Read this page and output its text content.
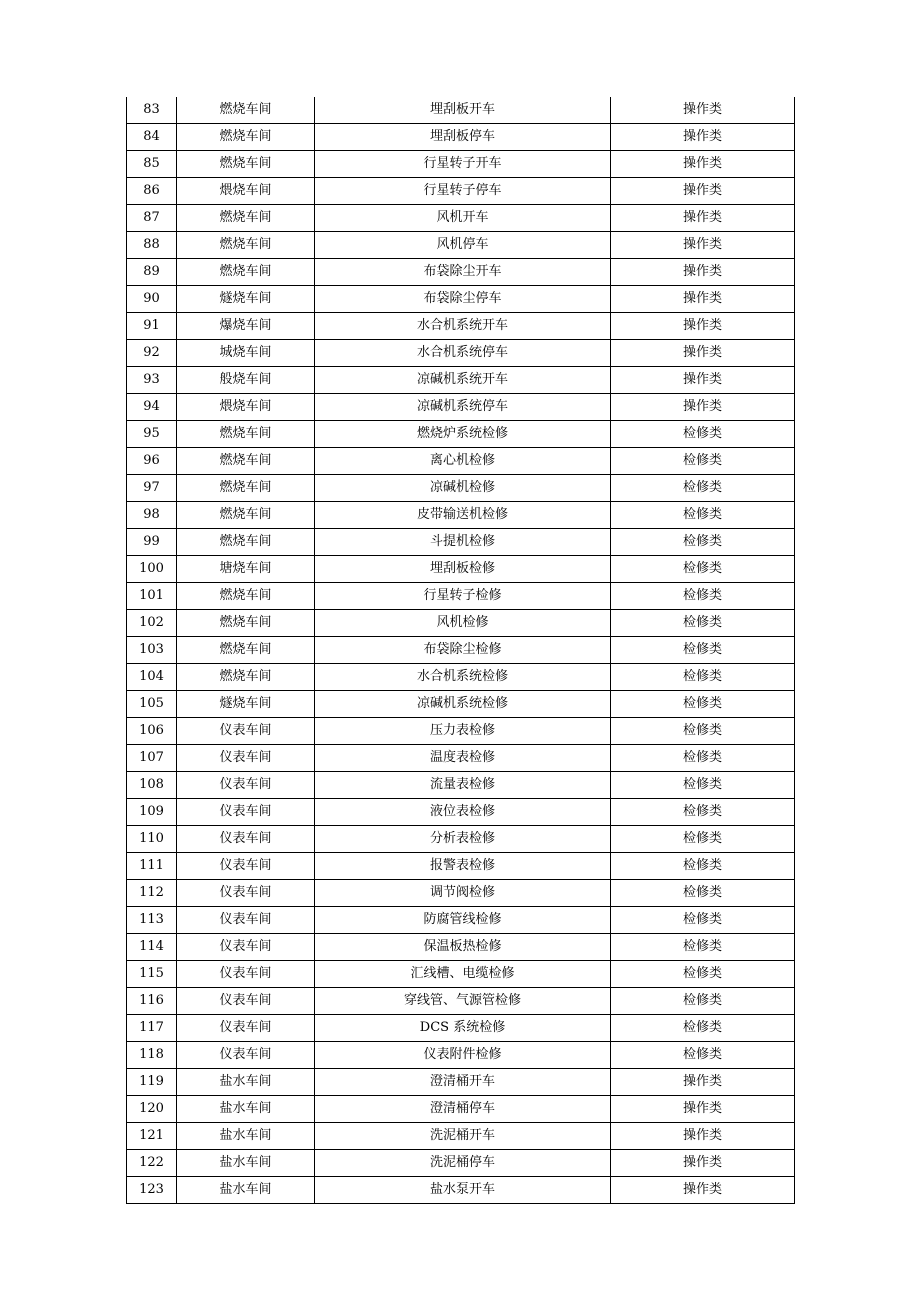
83	燃烧车间	埋刮板开车	操作类
84	燃烧车间	埋刮板停车	操作类
85	燃烧车间	行星转子开车	操作类
86	煨烧车间	行星转子停车	操作类
87	燃烧车间	风机开车	操作类
88	燃烧车间	风机停车	操作类
89	燃烧车间	布袋除尘开车	操作类
90	燧烧车间	布袋除尘停车	操作类
91	爆烧车间	水合机系统开车	操作类
92	城烧车间	水合机系统停车	操作类
93	般烧车间	凉碱机系统开车	操作类
94	煨烧车间	凉碱机系统停车	操作类
95	燃烧车间	燃烧炉系统检修	检修类
96	燃烧车间	离心机检修	检修类
97	燃烧车间	凉碱机检修	检修类
98	燃烧车间	皮带输送机检修	检修类
99	燃烧车间	斗提机检修	检修类
100	塘烧车间	埋刮板检修	检修类
101	燃烧车间	行星转子检修	检修类
102	燃烧车间	风机检修	检修类
103	燃烧车间	布袋除尘检修	检修类
104	燃烧车间	水合机系统检修	检修类
105	燧烧车间	凉碱机系统检修	检修类
106	仪表车间	压力表检修	检修类
107	仪表车间	温度表检修	检修类
108	仪表车间	流量表检修	检修类
109	仪表车间	液位表检修	检修类
110	仪表车间	分析表检修	检修类
111	仪表车间	报警表检修	检修类
112	仪表车间	调节阀检修	检修类
113	仪表车间	防腐管线检修	检修类
114	仪表车间	保温板热检修	检修类
115	仪表车间	汇线槽、电缆检修	检修类
116	仪表车间	穿线管、气源管检修	检修类
117	仪表车间	DCS 系统检修	检修类
118	仪表车间	仪表附件检修	检修类
119	盐水车间	澄清桶开车	操作类
120	盐水车间	澄清桶停车	操作类
121	盐水车间	洗泥桶开车	操作类
122	盐水车间	洗泥桶停车	操作类
123	盐水车间	盐水泵开车	操作类
